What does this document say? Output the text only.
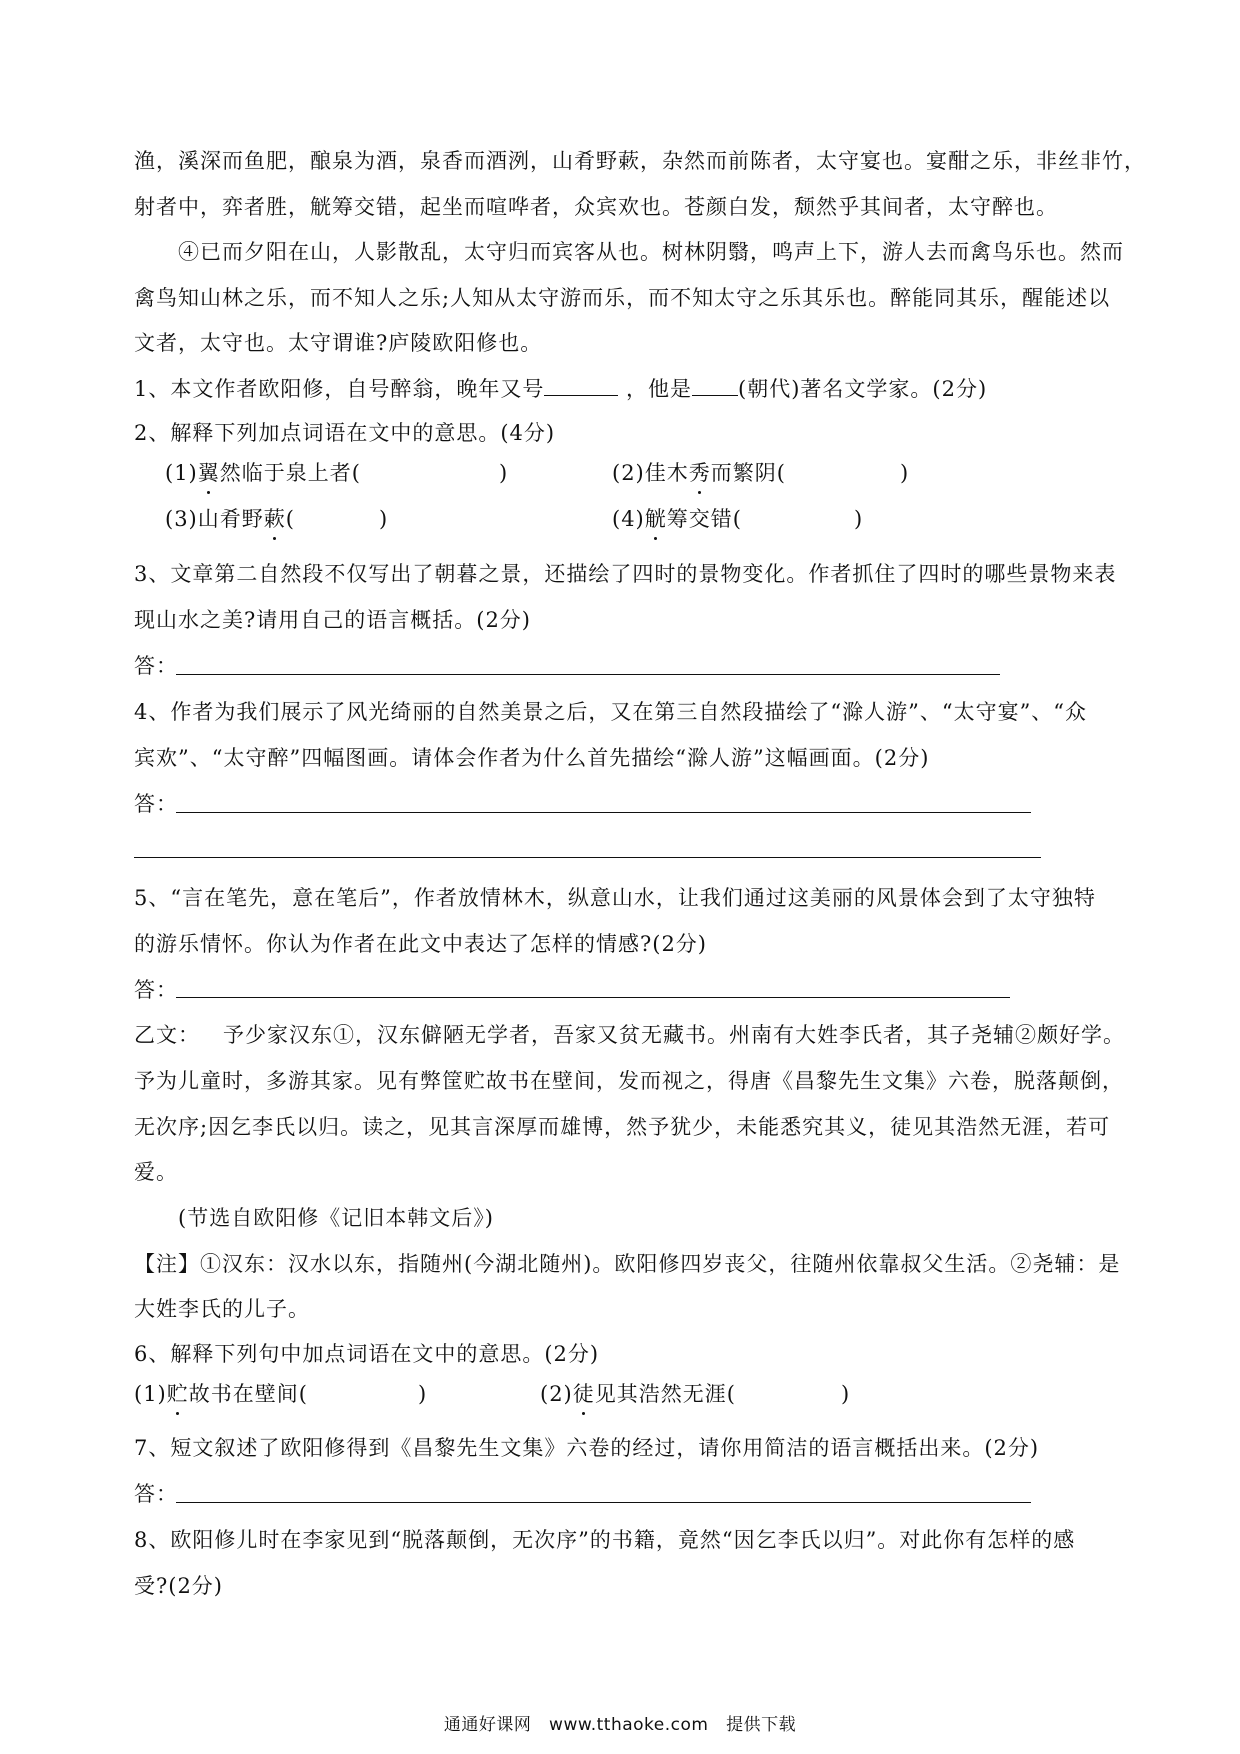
渔，溪深而鱼肥，酿泉为酒，泉香而酒洌，山肴野蔌，杂然而前陈者，太守宴也。宴酣之乐，非丝非竹，
射者中，弈者胜，觥筹交错，起坐而喧哗者，众宾欢也。苍颜白发，颓然乎其间者，太守醉也。
④已而夕阳在山，人影散乱，太守归而宾客从也。树林阴翳，鸣声上下，游人去而禽鸟乐也。然而
禽鸟知山林之乐，而不知人之乐;人知从太守游而乐，而不知太守之乐其乐也。醉能同其乐，醒能述以
文者，太守也。太守谓谁?庐陵欧阳修也。
1、本文作者欧阳修，自号醉翁，晚年又号	，他是 (朝代)著名文学家。(2分)
2、解释下列加点词语在文中的意思。(4分)
(1)翼然临于泉上者(	)	(2)佳木秀而繁阴(	)
(3)山肴野蔌(	)	(4)觥筹交错(	)
3、文章第二自然段不仅写出了朝暮之景，还描绘了四时的景物变化。作者抓住了四时的哪些景物来表
现山水之美?请用自己的语言概括。(2分)
答：
4、作者为我们展示了风光绮丽的自然美景之后，又在第三自然段描绘了“滁人游”、“太守宴”、“众
宾欢”、“太守醉”四幅图画。请体会作者为什么首先描绘“滁人游”这幅画面。(2分)
答：
5、“言在笔先，意在笔后”，作者放情林木，纵意山水，让我们通过这美丽的风景体会到了太守独特
的游乐情怀。你认为作者在此文中表达了怎样的情感?(2分)
答：
乙文：   予少家汉东①，汉东僻陋无学者，吾家又贫无藏书。州南有大姓李氏者，其子尧辅②颇好学。
予为儿童时，多游其家。见有弊筐贮故书在壁间，发而视之，得唐《昌黎先生文集》六卷，脱落颠倒，
无次序;因乞李氏以归。读之，见其言深厚而雄博，然予犹少，未能悉究其义，徒见其浩然无涯，若可
爱。
(节选自欧阳修《记旧本韩文后》)
【注】①汉东：汉水以东，指随州(今湖北随州)。欧阳修四岁丧父，往随州依靠叔父生活。②尧辅：是
大姓李氏的儿子。
6、解释下列句中加点词语在文中的意思。(2分)
(1)贮故书在壁间(	)	(2)徒见其浩然无涯(	)
7、短文叙述了欧阳修得到《昌黎先生文集》六卷的经过，请你用简洁的语言概括出来。(2分)
答：
8、欧阳修儿时在李家见到“脱落颠倒，无次序”的书籍，竟然“因乞李氏以归”。对此你有怎样的感
受?(2分)
通通好课网   www.tthaoke.com   提供下载
